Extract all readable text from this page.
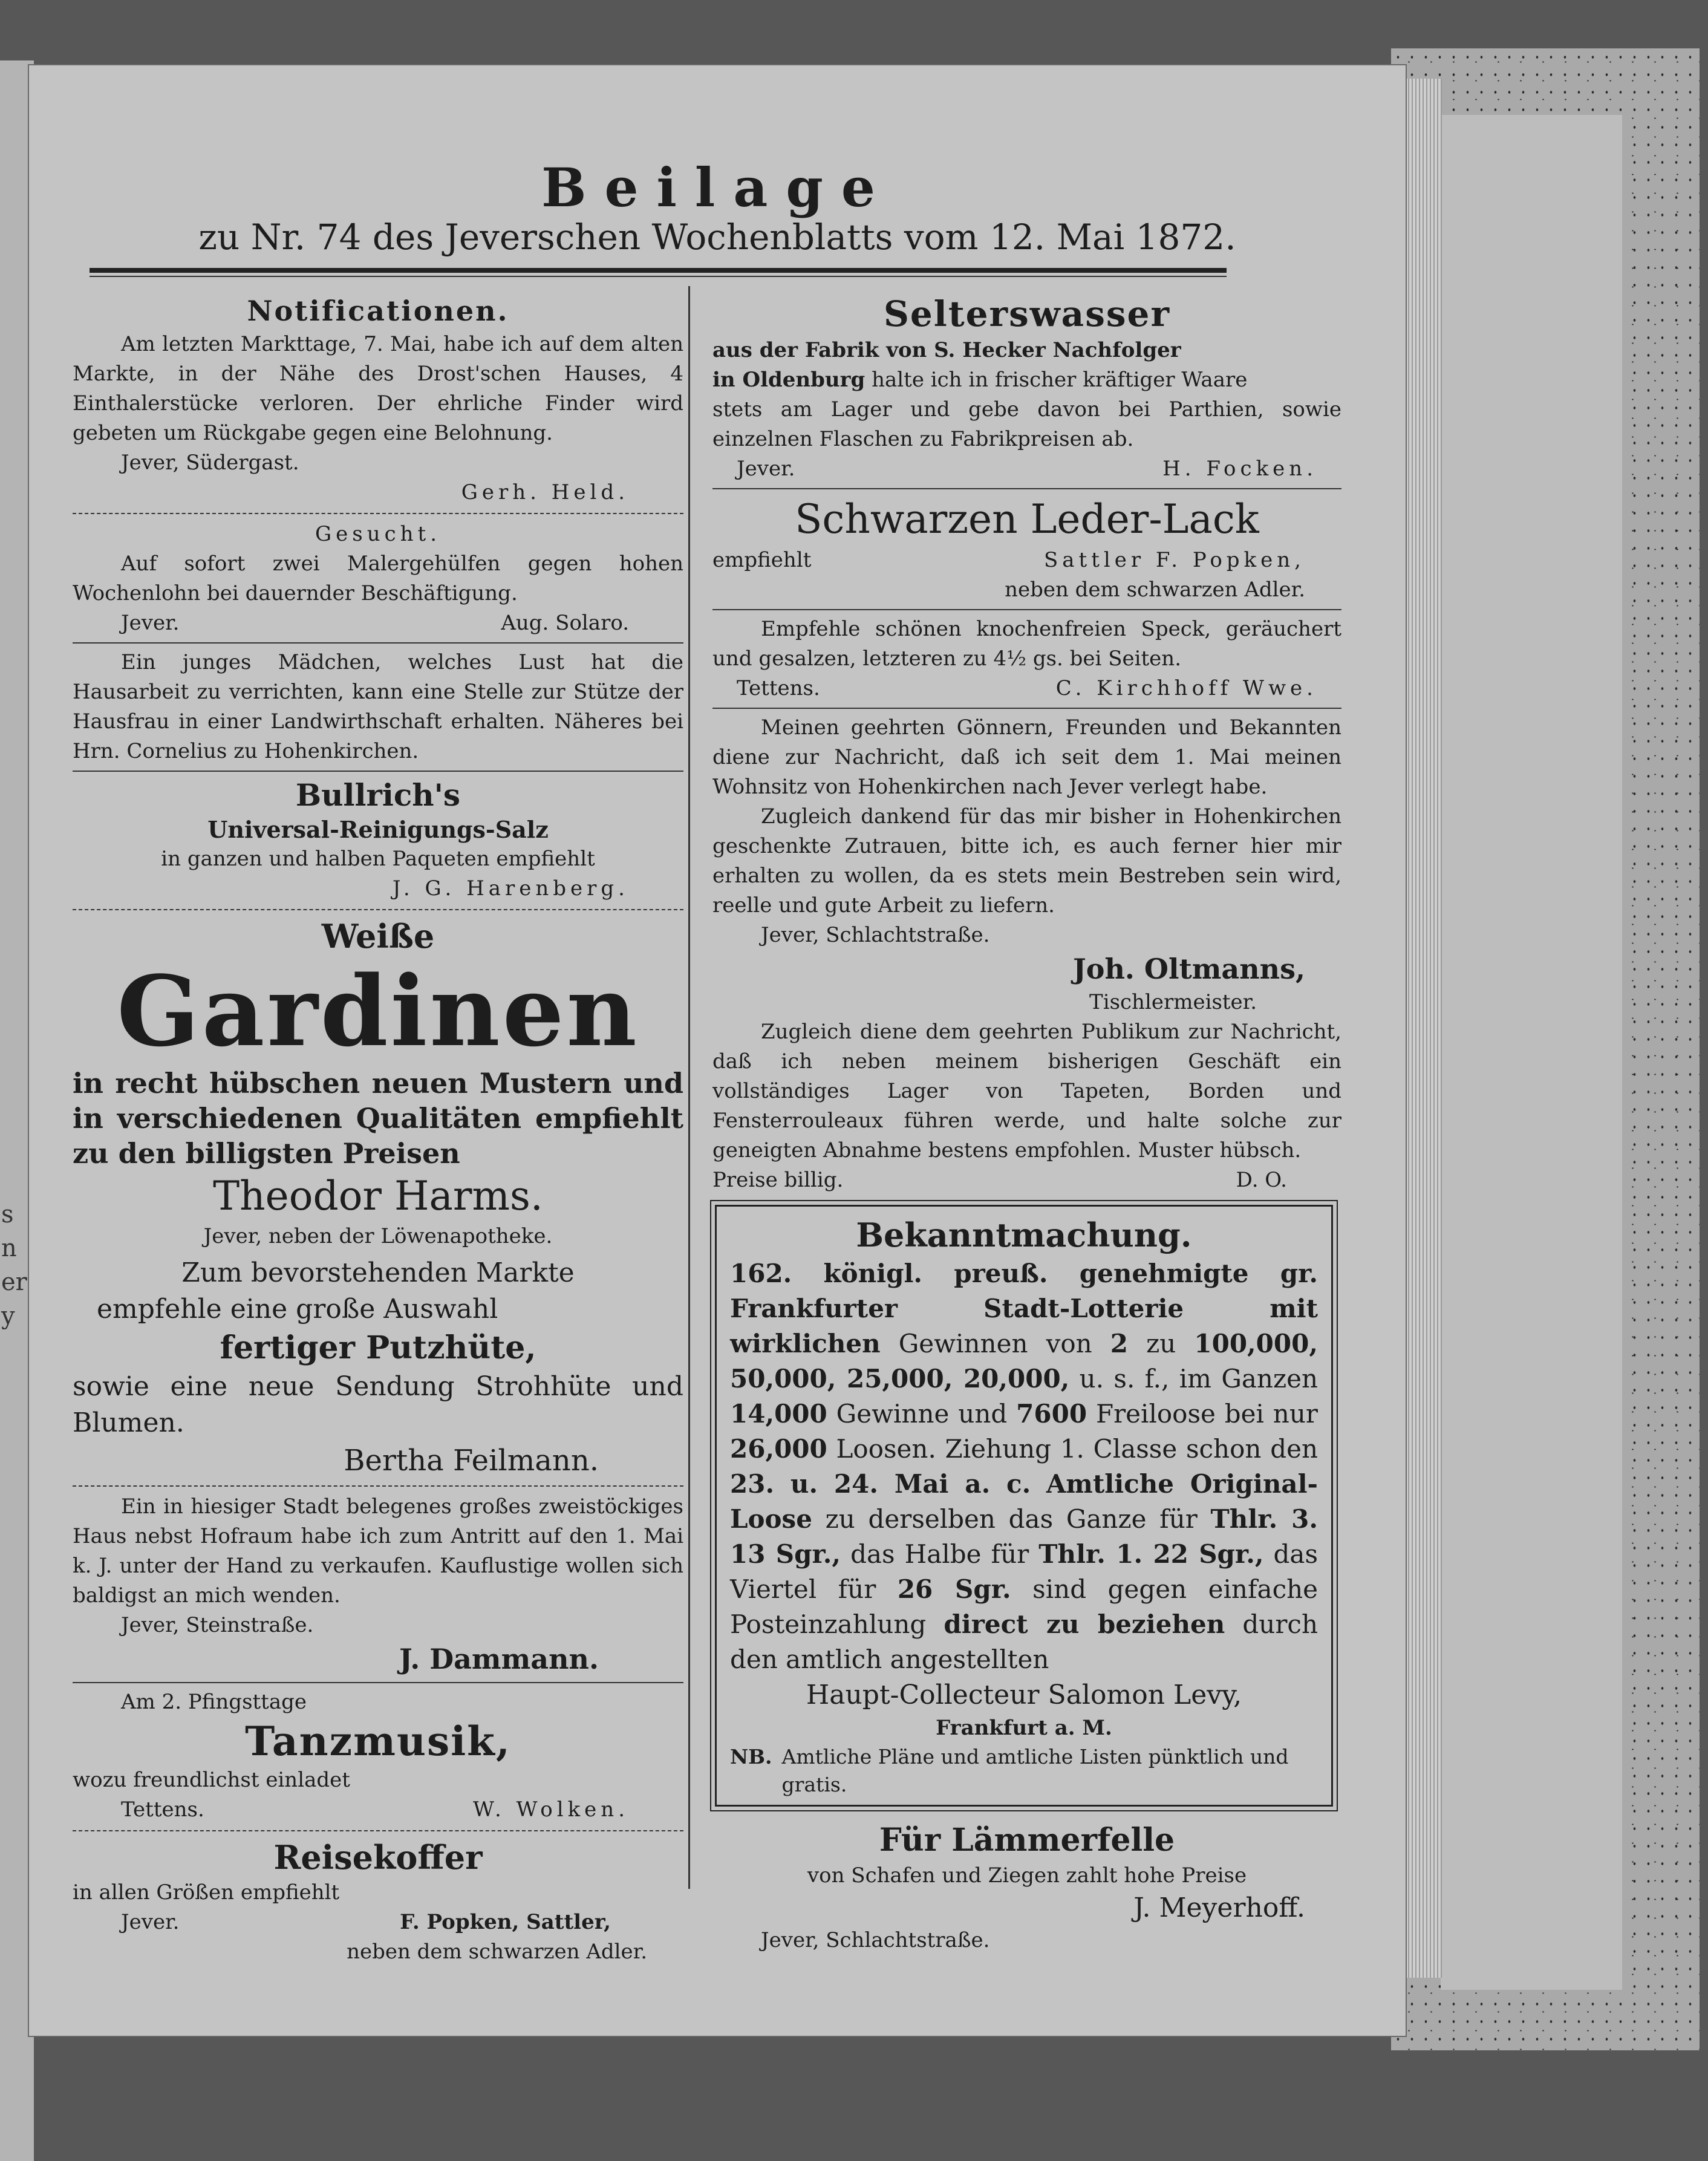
s
n
er
y
Beilage
zu Nr. 74 des Jeverschen Wochenblatts vom 12. Mai 1872.
Notificationen.
Am letzten Markttage, 7. Mai, habe ich auf dem alten Markte, in der Nähe des Drost'schen Hauses, 4 Einthalerstücke verloren. Der ehrliche Finder wird gebeten um Rückgabe gegen eine Belohnung.
Jever, Südergast.
Gerh. Held.
Gesucht.
Auf sofort zwei Malergehülfen gegen hohen Wochenlohn bei dauernder Beschäftigung.
Jever.	Aug. Solaro.
Ein junges Mädchen, welches Lust hat die Hausarbeit zu verrichten, kann eine Stelle zur Stütze der Hausfrau in einer Landwirthschaft erhalten. Näheres bei Hrn. Cornelius zu Hohenkirchen.
Bullrich's
Universal-Reinigungs-Salz
in ganzen und halben Paqueten empfiehlt
J. G. Harenberg.
Weiße
Gardinen
in recht hübschen neuen Mustern und in verschiedenen Qualitäten empfiehlt zu den billigsten Preisen
Theodor Harms.
Jever, neben der Löwenapotheke.
Zum bevorstehenden Markte
empfehle eine große Auswahl
fertiger Putzhüte,
sowie eine neue Sendung Strohhüte und Blumen.
Bertha Feilmann.
Ein in hiesiger Stadt belegenes großes zweistöckiges Haus nebst Hofraum habe ich zum Antritt auf den 1. Mai k. J. unter der Hand zu verkaufen. Kauflustige wollen sich baldigst an mich wenden.
Jever, Steinstraße.
J. Dammann.
Am 2. Pfingsttage
Tanzmusik,
wozu freundlichst einladet
Tettens.	W. Wolken.
Reisekoffer
in allen Größen empfiehlt
Jever.	F. Popken, Sattler,
neben dem schwarzen Adler.
Selterswasser
aus der Fabrik von S. Hecker Nachfolger
in Oldenburg halte ich in frischer kräftiger Waare
stets am Lager und gebe davon bei Parthien, sowie einzelnen Flaschen zu Fabrikpreisen ab.
Jever.	H. Focken.
Schwarzen Leder-Lack
empfiehlt	Sattler F. Popken,
neben dem schwarzen Adler.
Empfehle schönen knochenfreien Speck, geräuchert und gesalzen, letzteren zu 4½ gs. bei Seiten.
Tettens.	C. Kirchhoff Wwe.
Meinen geehrten Gönnern, Freunden und Bekannten diene zur Nachricht, daß ich seit dem 1. Mai meinen Wohnsitz von Hohenkirchen nach Jever verlegt habe.
Zugleich dankend für das mir bisher in Hohenkirchen geschenkte Zutrauen, bitte ich, es auch ferner hier mir erhalten zu wollen, da es stets mein Bestreben sein wird, reelle und gute Arbeit zu liefern.
Jever, Schlachtstraße.
Joh. Oltmanns,
Tischlermeister.
Zugleich diene dem geehrten Publikum zur Nachricht, daß ich neben meinem bisherigen Geschäft ein vollständiges Lager von Tapeten, Borden und Fensterrouleaux führen werde, und halte solche zur geneigten Abnahme bestens empfohlen. Muster hübsch.
Preise billig.	D. O.
Bekanntmachung.
162. königl. preuß. genehmigte gr. Frankfurter Stadt-Lotterie mit wirklichen Gewinnen von 2 zu 100,000, 50,000, 25,000, 20,000, u. s. f., im Ganzen 14,000 Gewinne und 7600 Freiloose bei nur 26,000 Loosen. Ziehung 1. Classe schon den 23. u. 24. Mai a. c. Amtliche Original-Loose zu derselben das Ganze für Thlr. 3. 13 Sgr., das Halbe für Thlr. 1. 22 Sgr., das Viertel für 26 Sgr. sind gegen einfache Posteinzahlung direct zu beziehen durch den amtlich angestellten
Haupt-Collecteur Salomon Levy,
Frankfurt a. M.
NB. Amtliche Pläne und amtliche Listen pünktlich und gratis.
Für Lämmerfelle
von Schafen und Ziegen zahlt hohe Preise
J. Meyerhoff.
Jever, Schlachtstraße.
